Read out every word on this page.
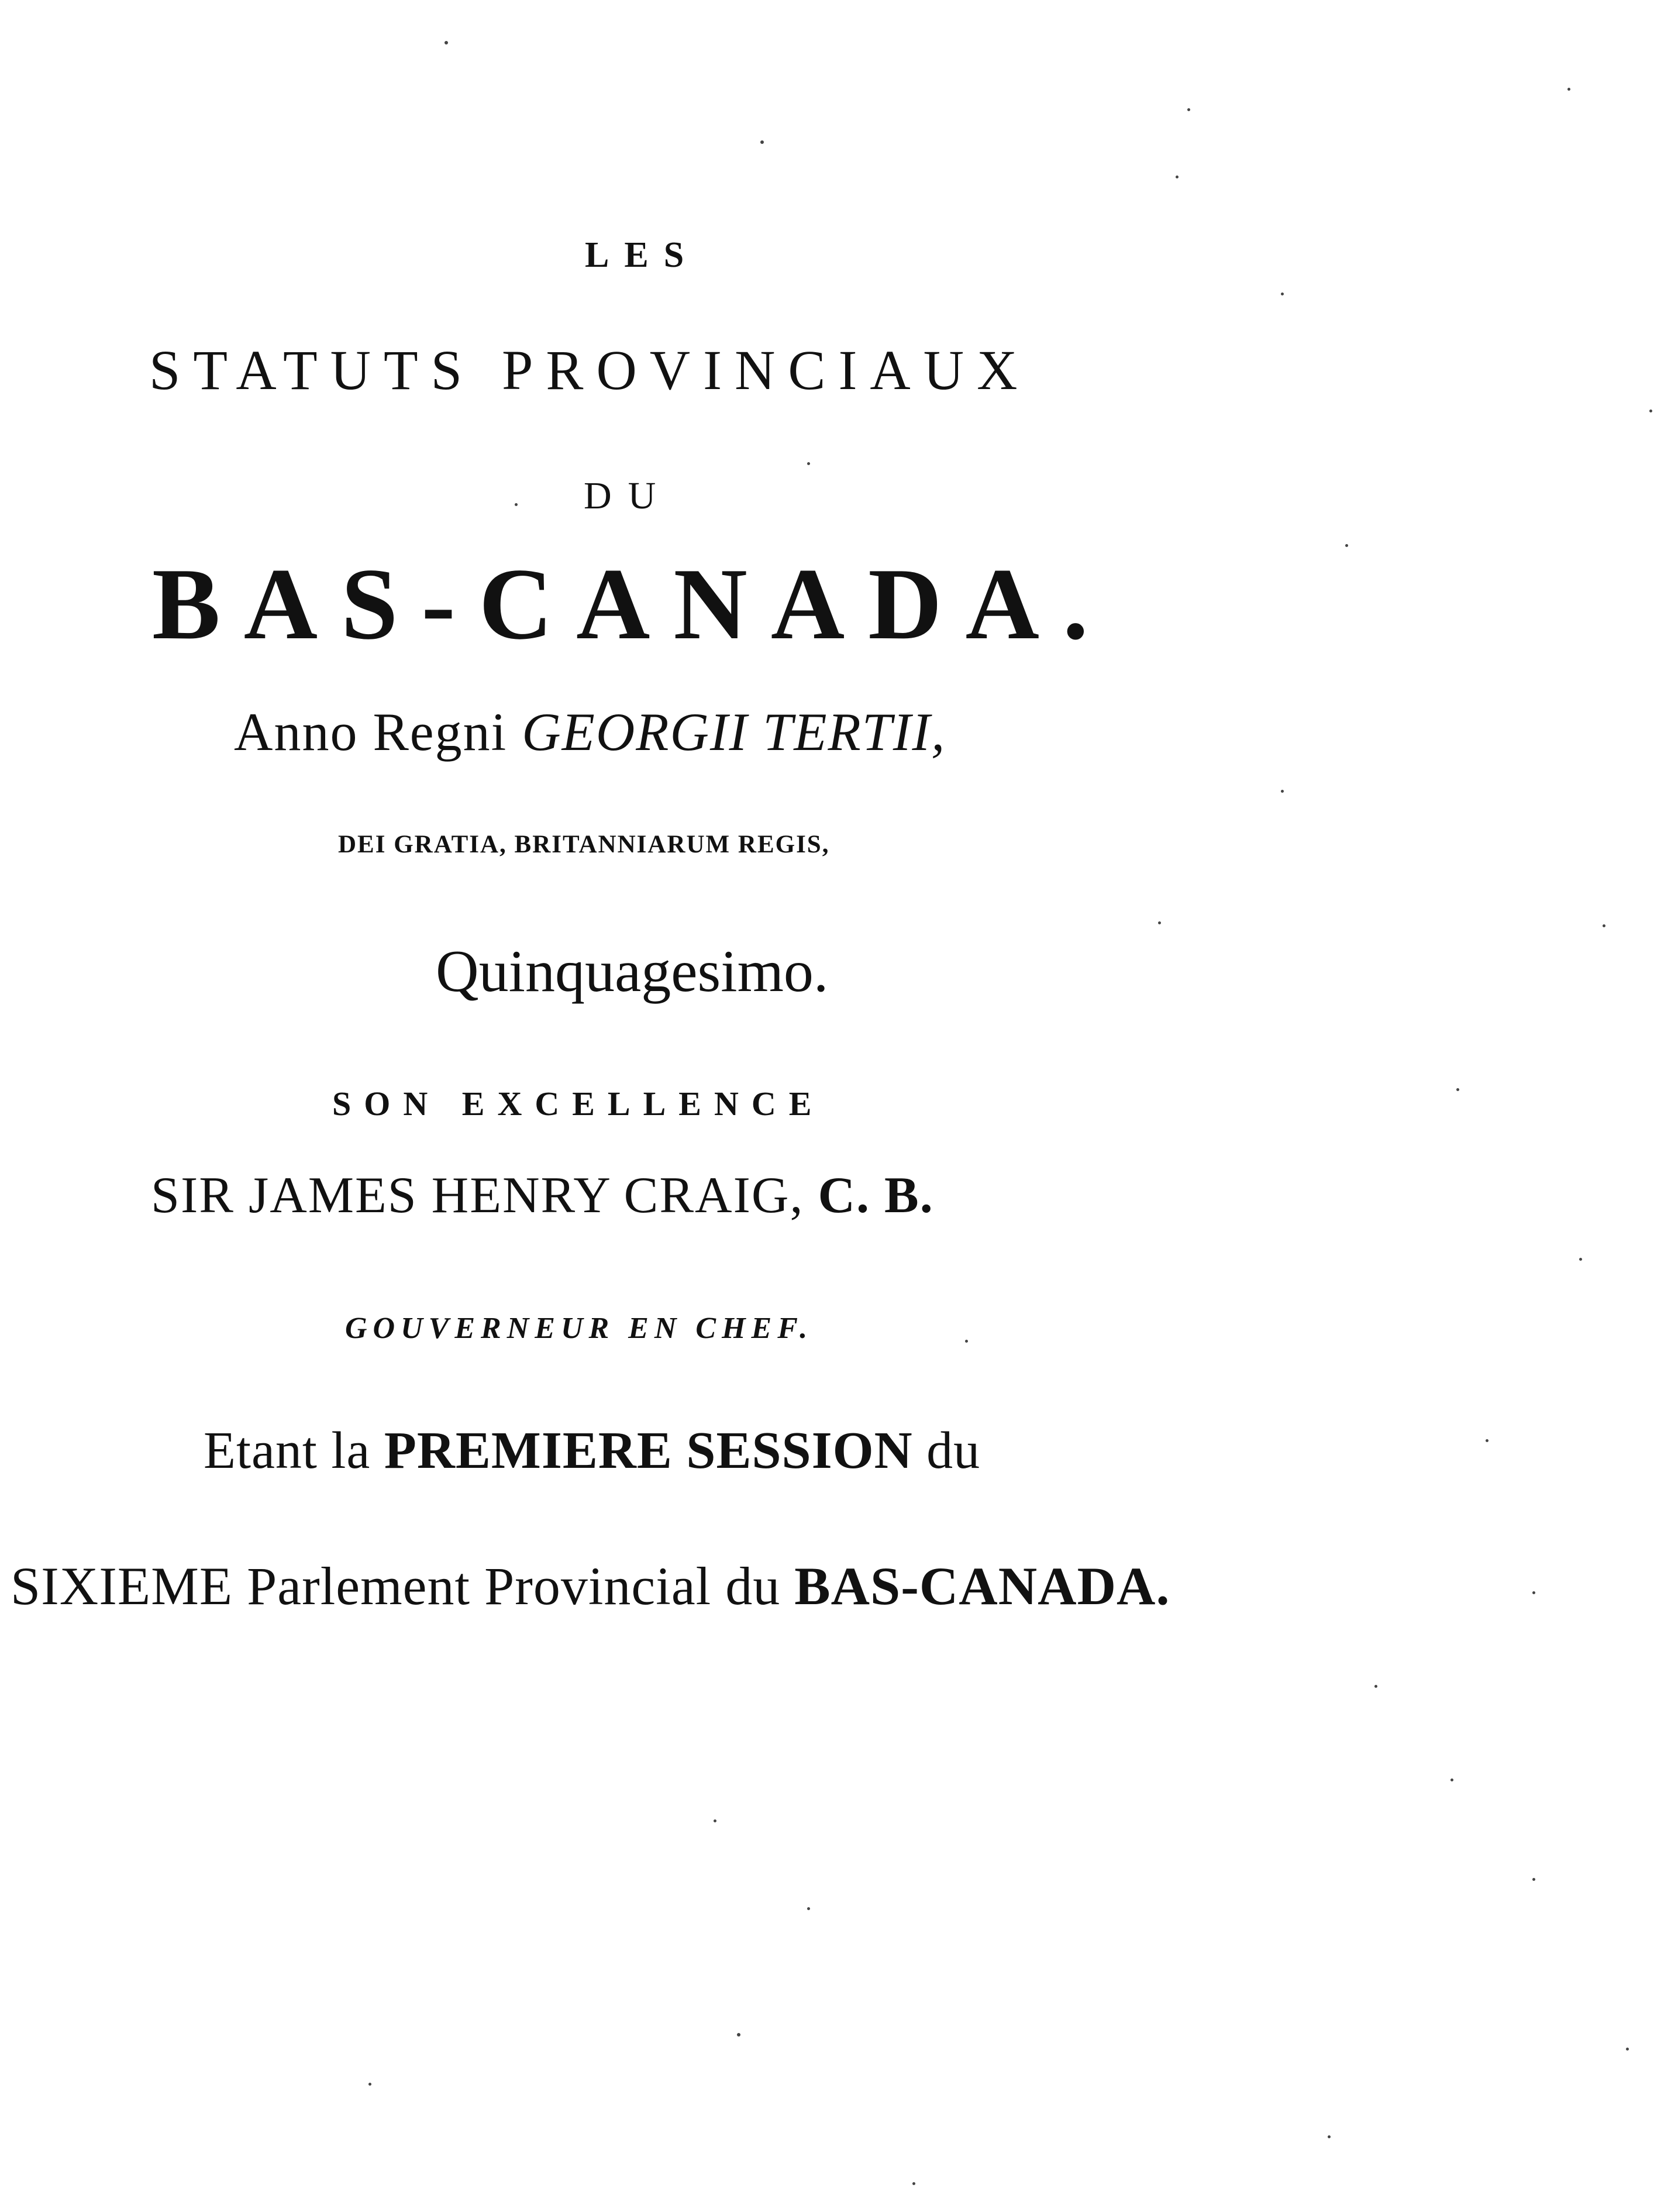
LES
STATUTS PROVINCIAUX
DU
BAS-CANADA.
Anno Regni GEORGII TERTII,
DEI GRATIA, BRITANNIARUM REGIS,
Quinquagesimo.
SON EXCELLENCE
SIR JAMES HENRY CRAIG, C. B.
GOUVERNEUR EN CHEF.
Etant la PREMIERE SESSION du
SIXIEME Parlement Provincial du BAS-CANADA.
